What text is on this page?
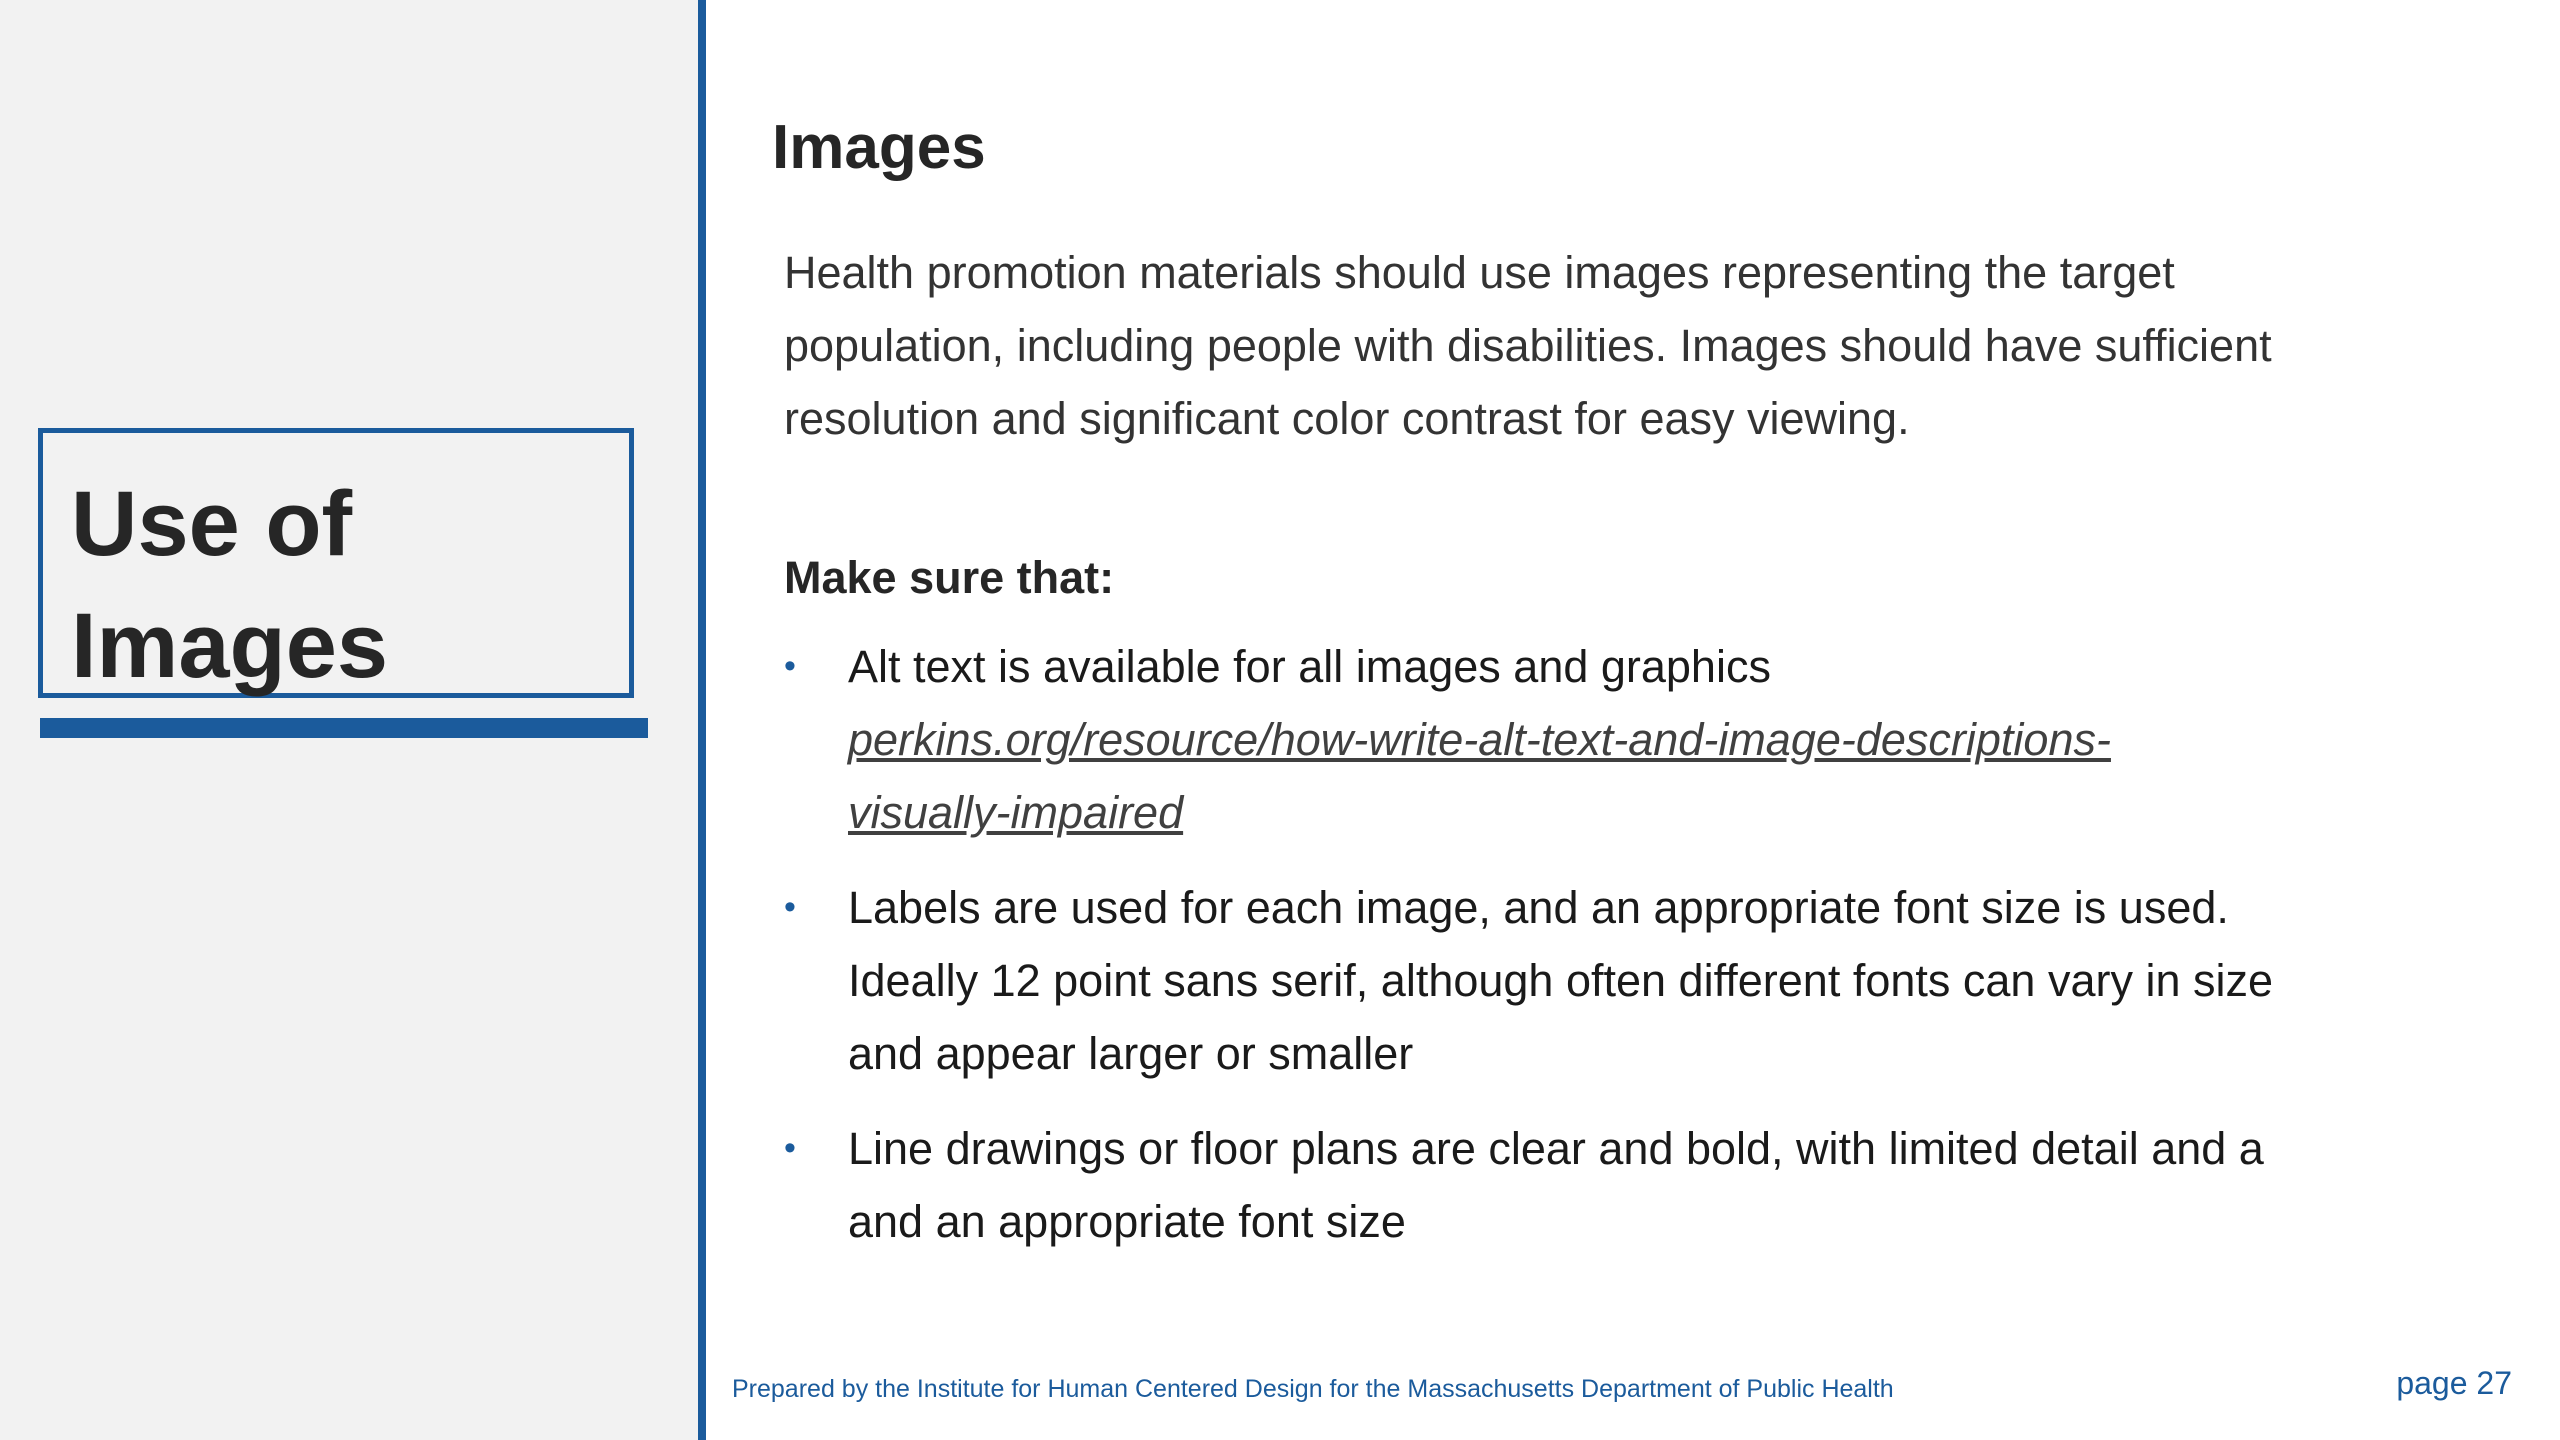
Use of
Images
Images

Health promotion materials should use images representing the target population, including people with disabilities. Images should have sufficient resolution and significant color contrast for easy viewing.

Make sure that:

• Alt text is available for all images and graphics
perkins.org/resource/how-write-alt-text-and-image-descriptions-visually-impaired
• Labels are used for each image, and an appropriate font size is used. Ideally 12 point sans serif, although often different fonts can vary in size and appear larger or smaller
• Line drawings or floor plans are clear and bold, with limited detail and a and an appropriate font size

Prepared by the Institute for Human Centered Design for the Massachusetts Department of Public Health	page 27
